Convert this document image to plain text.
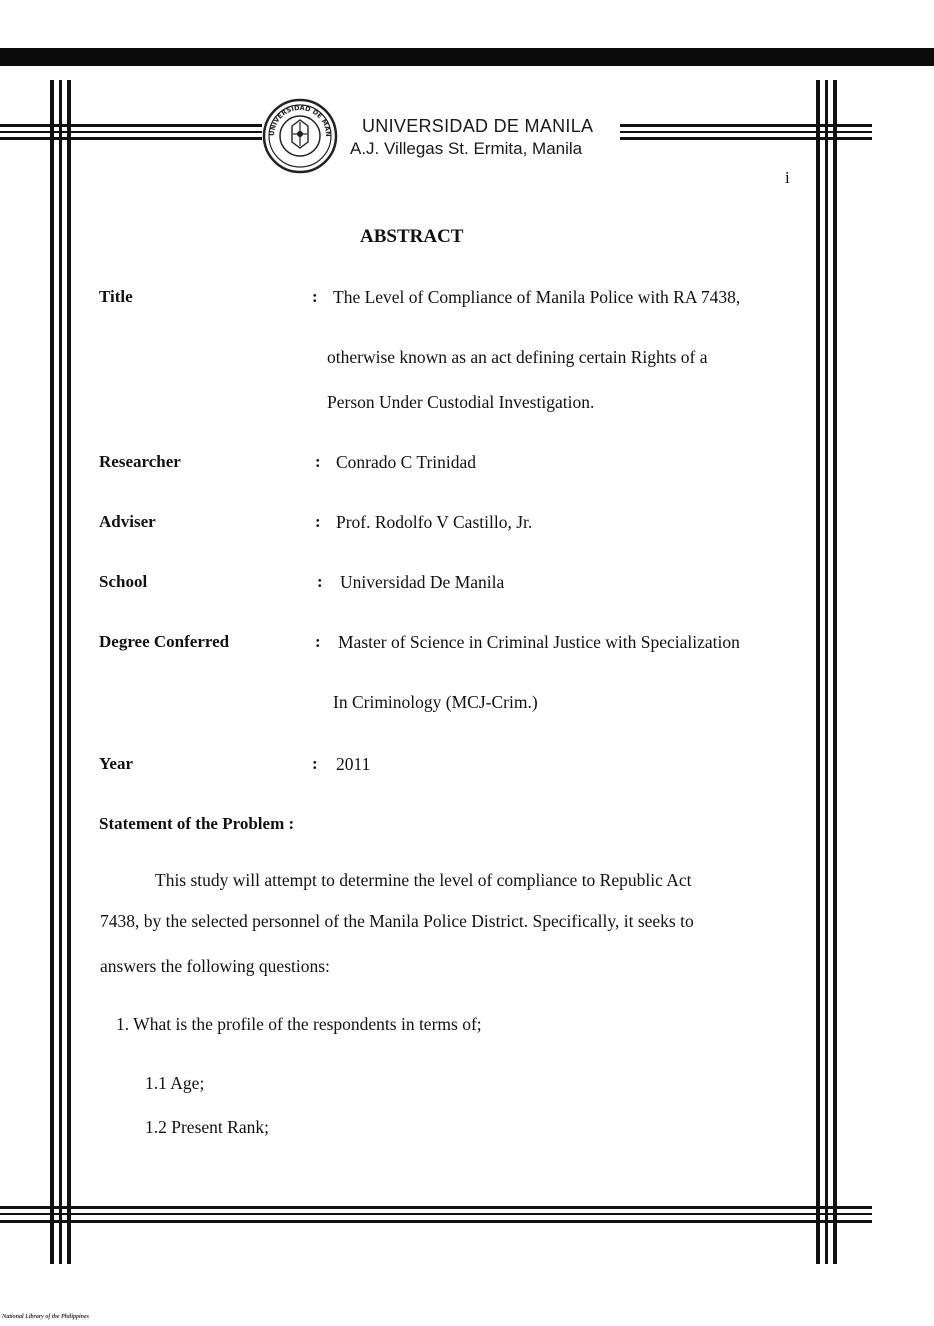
UNIVERSIDAD DE MAN UNIVERSIDAD DE MANILA
A.J. Villegas St. Ermita, Manila
i
ABSTRACT
Title	: The Level of Compliance of Manila Police with RA 7438,
otherwise known as an act defining certain Rights of a
Person Under Custodial Investigation.
Researcher	: Conrado C Trinidad
Adviser	: Prof. Rodolfo V Castillo, Jr.
School	: Universidad De Manila
Degree Conferred	: Master of Science in Criminal Justice with Specialization
In Criminology (MCJ-Crim.)
Year	: 2011
Statement of the Problem :
This study will attempt to determine the level of compliance to Republic Act
7438, by the selected personnel of the Manila Police District. Specifically, it seeks to
answers the following questions:
1. What is the profile of the respondents in terms of;
1.1 Age;
1.2 Present Rank;
National Library of the Philippines
